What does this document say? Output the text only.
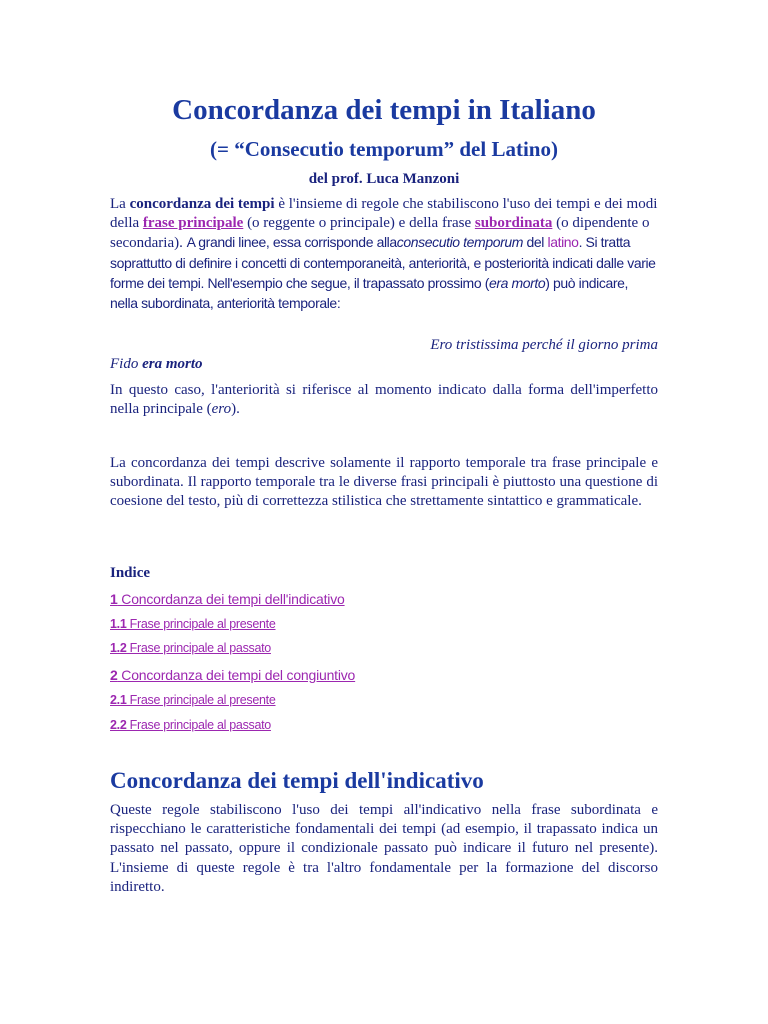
Concordanza dei tempi in Italiano
(= “Consecutio temporum” del Latino)
del prof. Luca Manzoni
La concordanza dei tempi è l'insieme di regole che stabiliscono l'uso dei tempi e dei modi della frase principale (o reggente o principale) e della frase subordinata (o dipendente o secondaria). A grandi linee, essa corrisponde allaconsecutio temporum del latino. Si tratta soprattutto di definire i concetti di contemporaneità, anteriorità, e posteriorità indicati dalle varie forme dei tempi. Nell'esempio che segue, il trapassato prossimo (era morto) può indicare, nella subordinata, anteriorità temporale:
Ero tristissima perché il giorno prima
Fido era morto
In questo caso, l'anteriorità si riferisce al momento indicato dalla forma dell'imperfetto nella principale (ero).
La concordanza dei tempi descrive solamente il rapporto temporale tra frase principale e subordinata. Il rapporto temporale tra le diverse frasi principali è piuttosto una questione di coesione del testo, più di correttezza stilistica che strettamente sintattico e grammaticale.
Indice
1 Concordanza dei tempi dell'indicativo
1.1 Frase principale al presente
1.2 Frase principale al passato
2 Concordanza dei tempi del congiuntivo
2.1 Frase principale al presente
2.2 Frase principale al passato
Concordanza dei tempi dell'indicativo
Queste regole stabiliscono l'uso dei tempi all'indicativo nella frase subordinata e rispecchiano le caratteristiche fondamentali dei tempi (ad esempio, il trapassato indica un passato nel passato, oppure il condizionale passato può indicare il futuro nel presente). L'insieme di queste regole è tra l'altro fondamentale per la formazione del discorso indiretto.
